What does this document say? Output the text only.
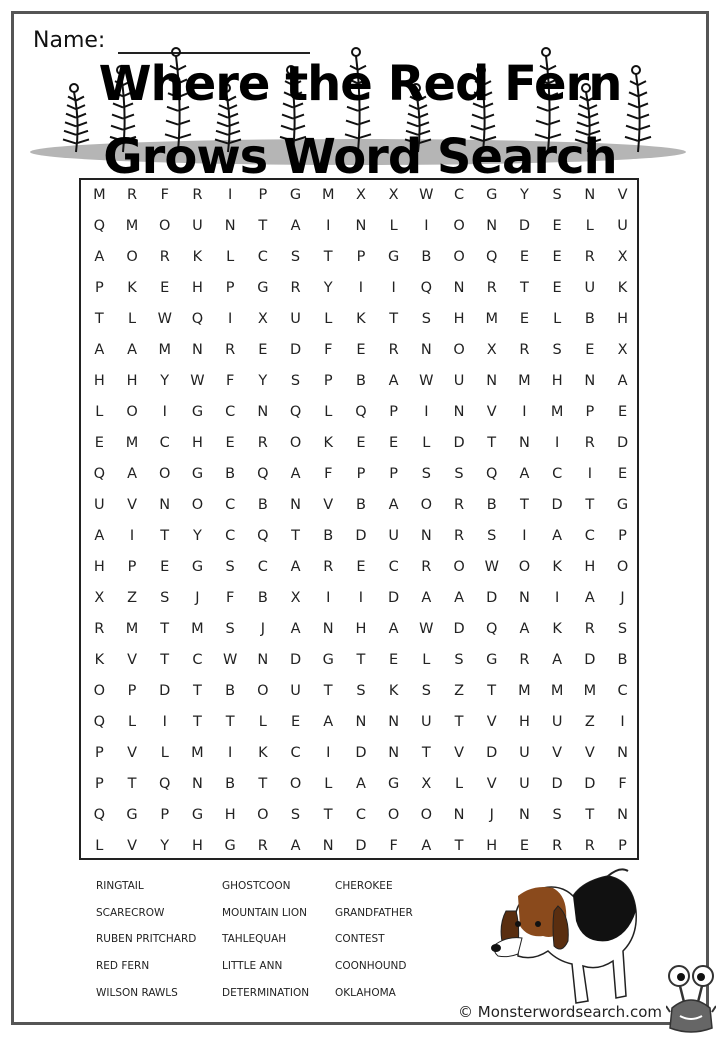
Name:
Where the Red Fern
Grows Word Search
M	R	F	R	I	P	G	M	X	X	W	C	G	Y	S	N	V
Q	M	O	U	N	T	A	I	N	L	I	O	N	D	E	L	U
A	O	R	K	L	C	S	T	P	G	B	O	Q	E	E	R	X
P	K	E	H	P	G	R	Y	I	I	Q	N	R	T	E	U	K
T	L	W	Q	I	X	U	L	K	T	S	H	M	E	L	B	H
A	A	M	N	R	E	D	F	E	R	N	O	X	R	S	E	X
H	H	Y	W	F	Y	S	P	B	A	W	U	N	M	H	N	A
L	O	I	G	C	N	Q	L	Q	P	I	N	V	I	M	P	E
E	M	C	H	E	R	O	K	E	E	L	D	T	N	I	R	D
Q	A	O	G	B	Q	A	F	P	P	S	S	Q	A	C	I	E
U	V	N	O	C	B	N	V	B	A	O	R	B	T	D	T	G
A	I	T	Y	C	Q	T	B	D	U	N	R	S	I	A	C	P
H	P	E	G	S	C	A	R	E	C	R	O	W	O	K	H	O
X	Z	S	J	F	B	X	I	I	D	A	A	D	N	I	A	J
R	M	T	M	S	J	A	N	H	A	W	D	Q	A	K	R	S
K	V	T	C	W	N	D	G	T	E	L	S	G	R	A	D	B
O	P	D	T	B	O	U	T	S	K	S	Z	T	M	M	M	C
Q	L	I	T	T	L	E	A	N	N	U	T	V	H	U	Z	I
P	V	L	M	I	K	C	I	D	N	T	V	D	U	V	V	N
P	T	Q	N	B	T	O	L	A	G	X	L	V	U	D	D	F
Q	G	P	G	H	O	S	T	C	O	O	N	J	N	S	T	N
L	V	Y	H	G	R	A	N	D	F	A	T	H	E	R	R	P
RINGTAIL
SCARECROW
RUBEN PRITCHARD
RED FERN
WILSON RAWLS
GHOSTCOON
MOUNTAIN LION
TAHLEQUAH
LITTLE ANN
DETERMINATION
CHEROKEE
GRANDFATHER
CONTEST
COONHOUND
OKLAHOMA
© Monsterwordsearch.com
